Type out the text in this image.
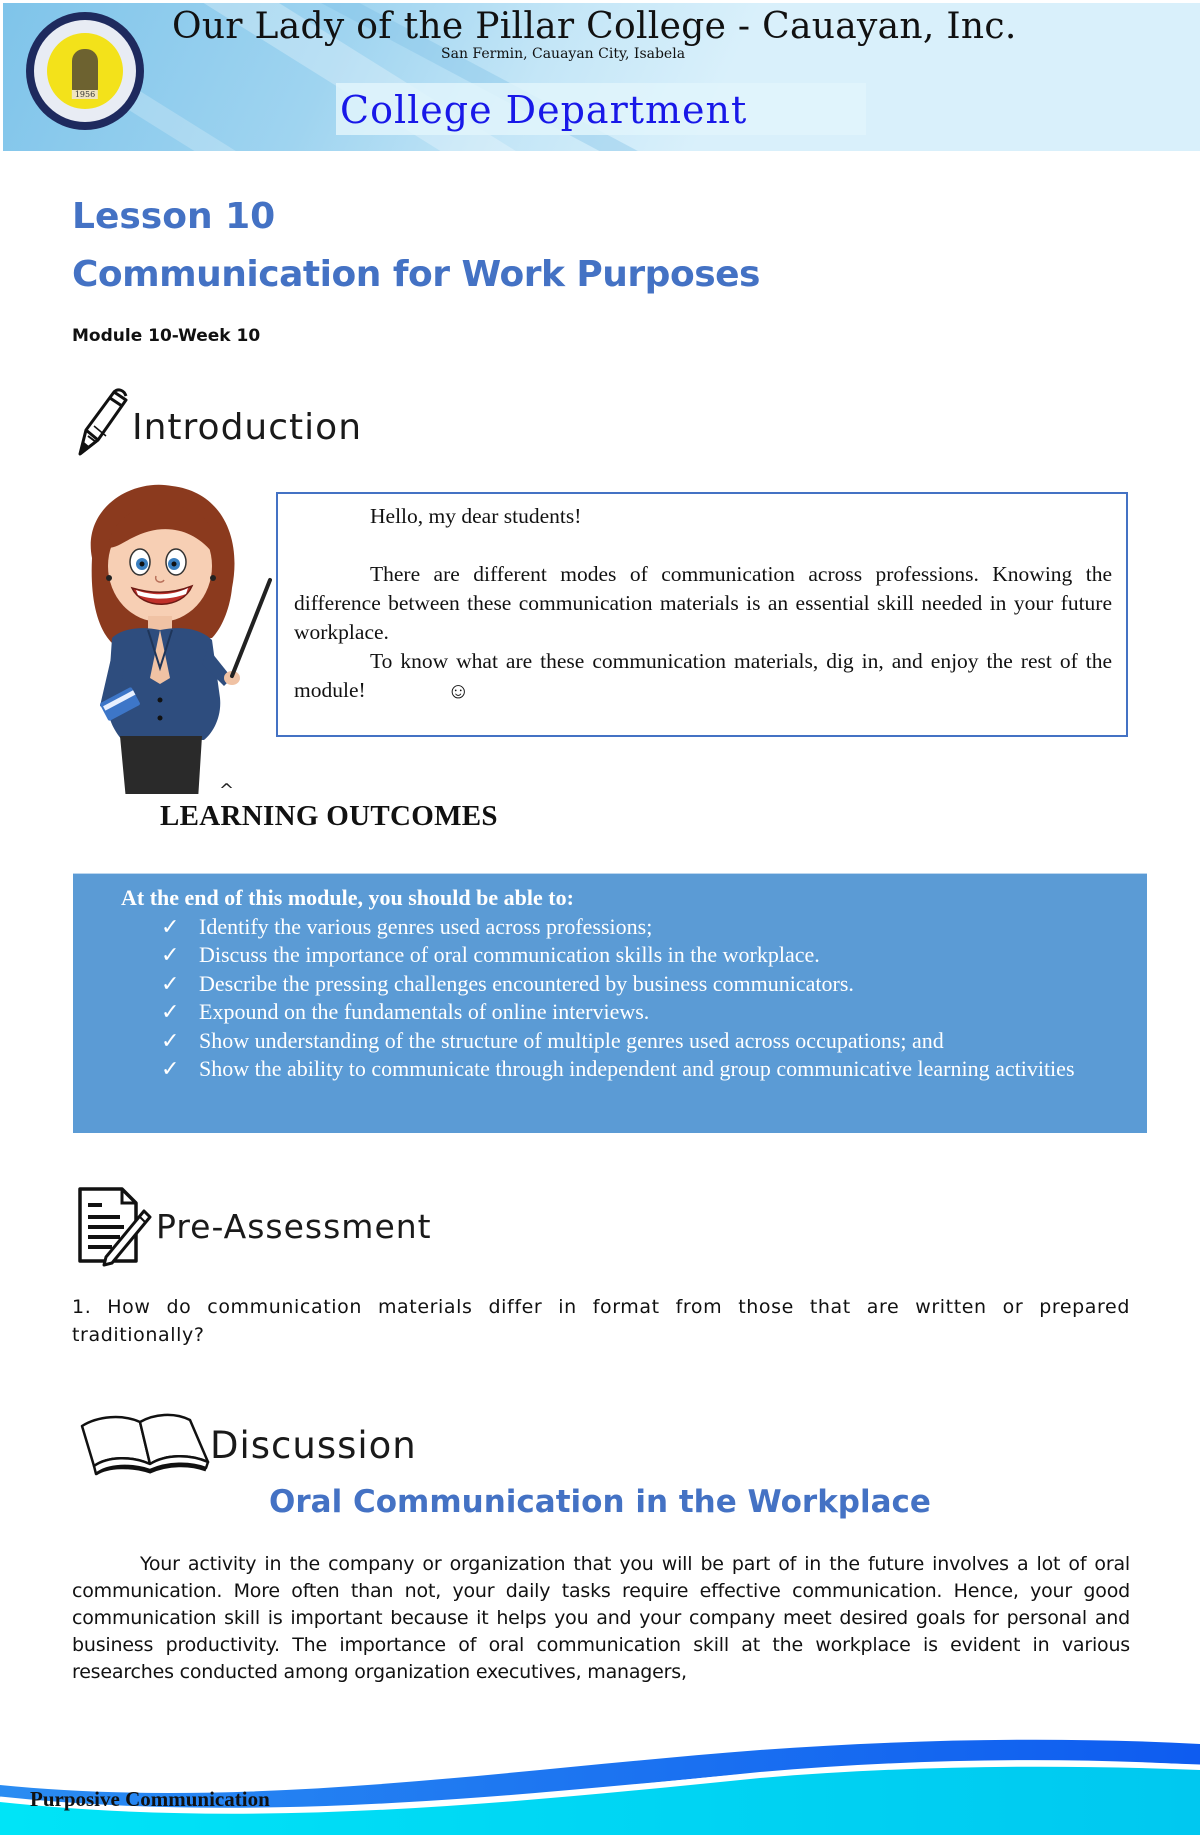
1956
Our Lady of the Pillar College - Cauayan, Inc.
San Fermin, Cauayan City, Isabela
College Department
Lesson 10
Communication for Work Purposes
Module 10-Week 10
Introduction

Hello, my dear students!

There are different modes of communication across professions. Knowing the difference between these communication materials is an essential skill needed in your future workplace.

To know what are these communication materials, dig in, and enjoy the rest of the module!	☺

^
LEARNING OUTCOMES
At the end of this module, you should be able to:
✓ Identify the various genres used across professions;
✓ Discuss the importance of oral communication skills in the workplace.
✓ Describe the pressing challenges encountered by business communicators.
✓ Expound on the fundamentals of online interviews.
✓ Show understanding of the structure of multiple genres used across occupations; and
✓ Show the ability to communicate through independent and group communicative learning activities
Pre-Assessment
1. How do communication materials differ in format from those that are written or prepared traditionally?
Discussion
Oral Communication in the Workplace
Your activity in the company or organization that you will be part of in the future involves a lot of oral communication. More often than not, your daily tasks require effective communication. Hence, your good communication skill is important because it helps you and your company meet desired goals for personal and business productivity. The importance of oral communication skill at the workplace is evident in various researches conducted among organization executives, managers,
Purposive Communication
